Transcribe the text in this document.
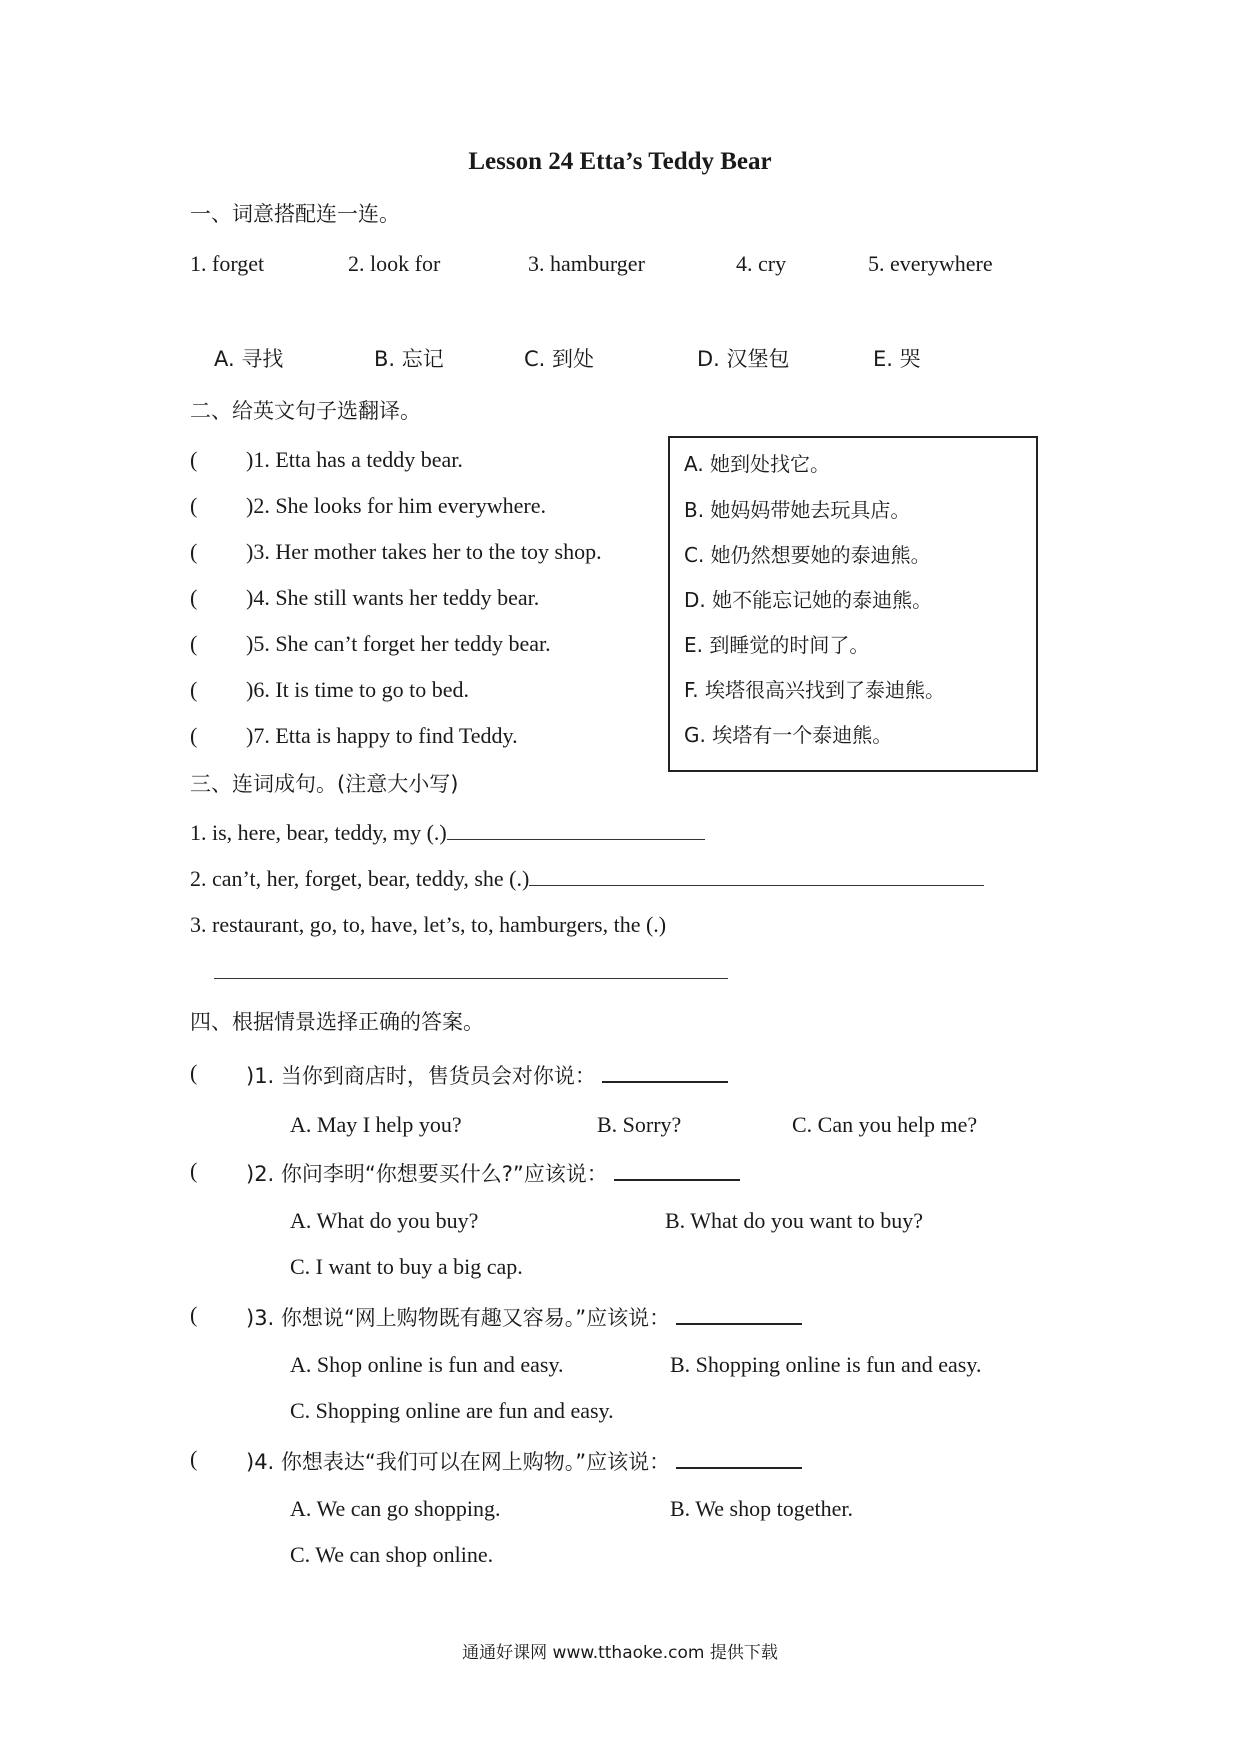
Lesson 24 Etta’s Teddy Bear
一、词意搭配连一连。
1. forget	2. look for	3. hamburger	4. cry	5. everywhere
A. 寻找	B. 忘记	C. 到处	D. 汉堡包	E. 哭
二、给英文句子选翻译。
( )1. Etta has a teddy bear.
( )2. She looks for him everywhere.
( )3. Her mother takes her to the toy shop.
( )4. She still wants her teddy bear.
( )5. She can’t forget her teddy bear.
( )6. It is time to go to bed.
( )7. Etta is happy to find Teddy.
A. 她到处找它。
B. 她妈妈带她去玩具店。
C. 她仍然想要她的泰迪熊。
D. 她不能忘记她的泰迪熊。
E. 到睡觉的时间了。
F. 埃塔很高兴找到了泰迪熊。
G. 埃塔有一个泰迪熊。
三、连词成句。(注意大小写)
1. is, here, bear, teddy, my (.)
2. can’t, her, forget, bear, teddy, she (.)
3. restaurant, go, to, have, let’s, to, hamburgers, the (.)
四、根据情景选择正确的答案。
( )1. 当你到商店时，售货员会对你说：
A. May I help you?	B. Sorry?	C. Can you help me?
( )2. 你问李明“你想要买什么?”应该说：
A. What do you buy?	B. What do you want to buy?
C. I want to buy a big cap.
( )3. 你想说“网上购物既有趣又容易。”应该说：
A. Shop online is fun and easy.	B. Shopping online is fun and easy.
C. Shopping online are fun and easy.
( )4. 你想表达“我们可以在网上购物。”应该说：
A. We can go shopping.	B. We shop together.
C. We can shop online.
通通好课网 www.tthaoke.com 提供下载
